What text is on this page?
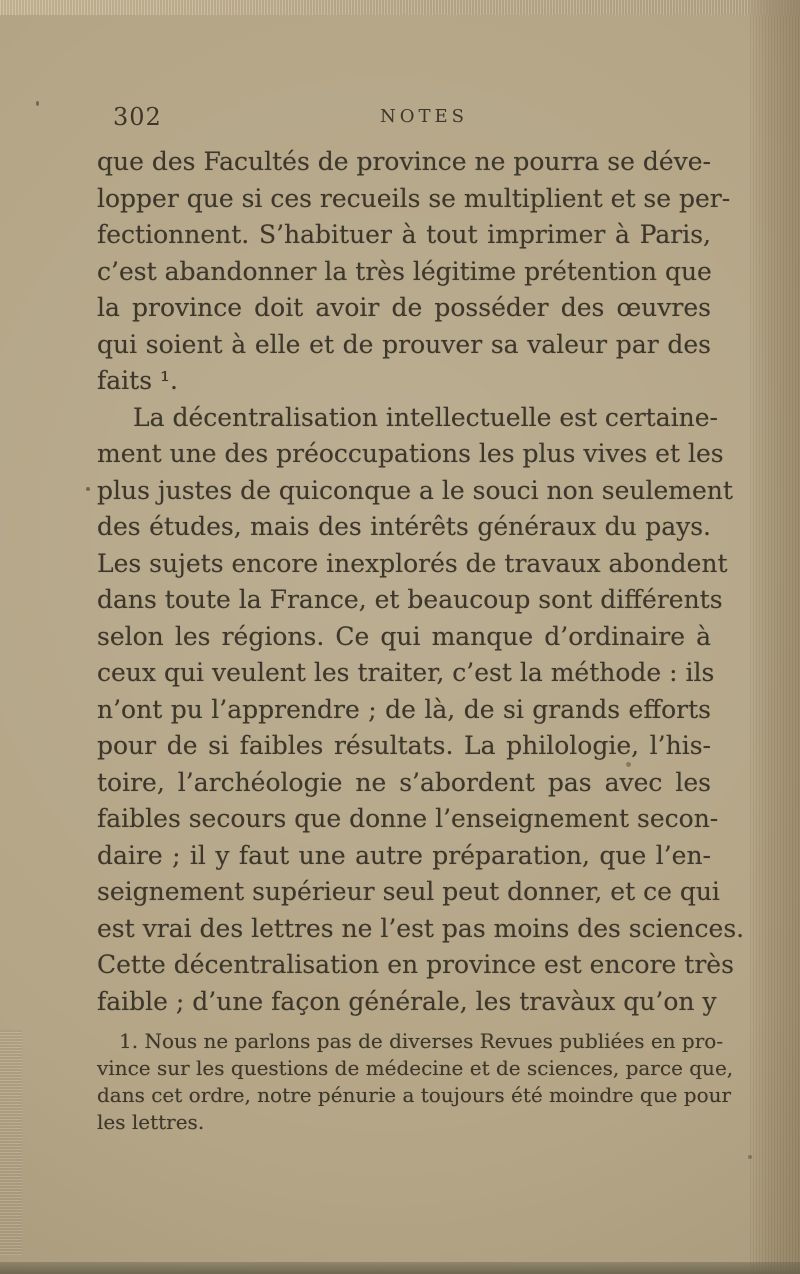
302	NOTES
que des Facultés de province ne pourra se déve-
lopper que si ces recueils se multiplient et se per-
fectionnent. S’habituer à tout imprimer à Paris,
c’est abandonner la très légitime prétention que
la province doit avoir de posséder des œuvres
qui soient à elle et de prouver sa valeur par des
faits ¹.
La décentralisation intellectuelle est certaine-
ment une des préoccupations les plus vives et les
plus justes de quiconque a le souci non seulement
des études, mais des intérêts généraux du pays.
Les sujets encore inexplorés de travaux abondent
dans toute la France, et beaucoup sont différents
selon les régions. Ce qui manque d’ordinaire à
ceux qui veulent les traiter, c’est la méthode : ils
n’ont pu l’apprendre ; de là, de si grands efforts
pour de si faibles résultats. La philologie, l’his-
toire, l’archéologie ne s’abordent pas avec les
faibles secours que donne l’enseignement secon-
daire ; il y faut une autre préparation, que l’en-
seignement supérieur seul peut donner, et ce qui
est vrai des lettres ne l’est pas moins des sciences.
Cette décentralisation en province est encore très
faible ; d’une façon générale, les travàux qu’on y
1. Nous ne parlons pas de diverses Revues publiées en pro-
vince sur les questions de médecine et de sciences, parce que,
dans cet ordre, notre pénurie a toujours été moindre que pour
les lettres.
